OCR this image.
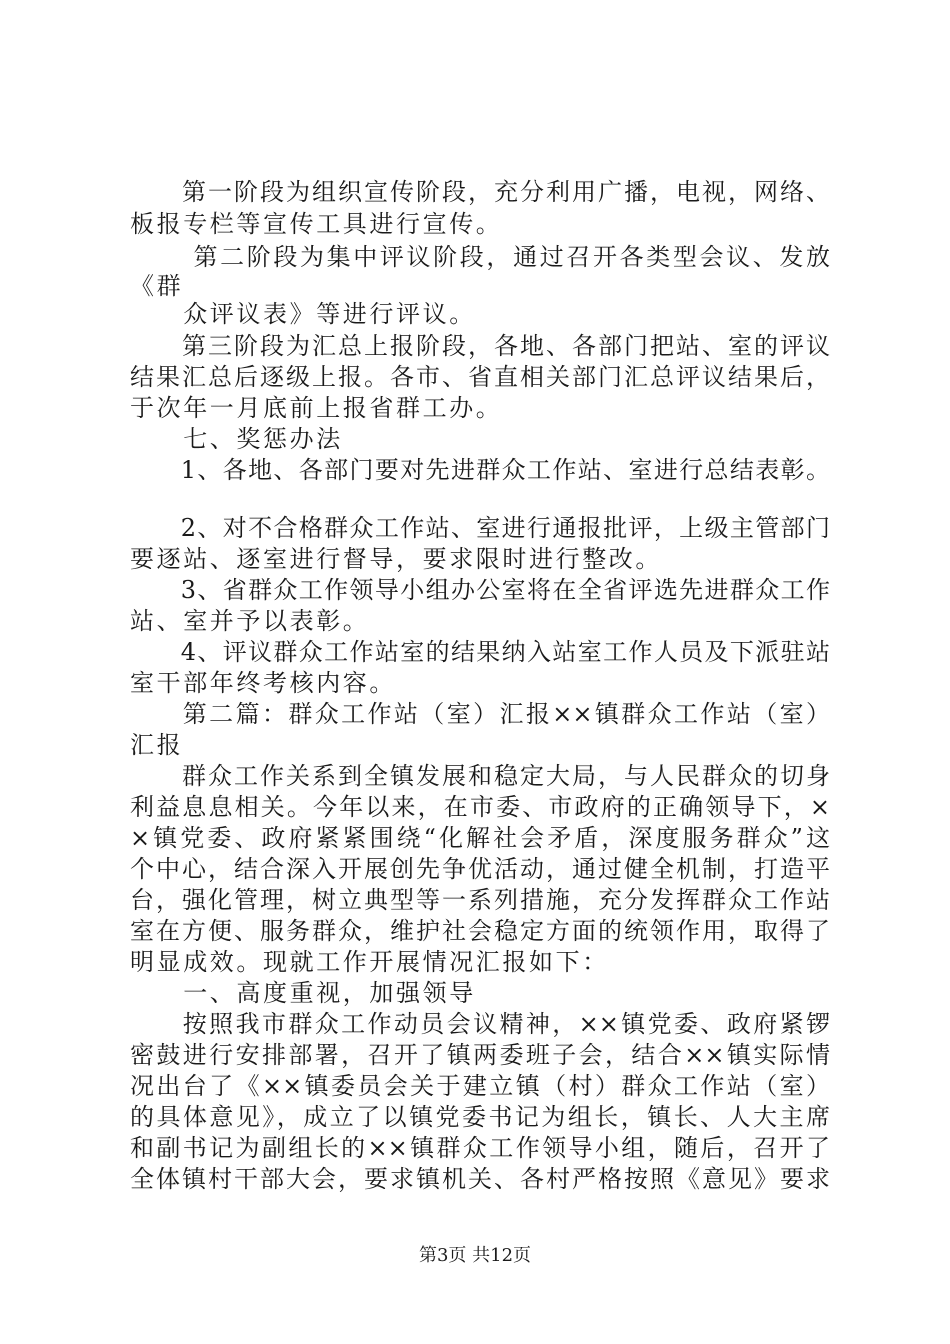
　　第一阶段为组织宣传阶段，充分利用广播，电视，网络、
板报专栏等宣传工具进行宣传。
　　 第二阶段为集中评议阶段，通过召开各类型会议、发放
《群
　　众评议表》等进行评议。
　　第三阶段为汇总上报阶段，各地、各部门把站、室的评议
结果汇总后逐级上报。各市、省直相关部门汇总评议结果后，
于次年一月底前上报省群工办。
　　七、奖惩办法
　　1、各地、各部门要对先进群众工作站、室进行总结表彰。
　　2、对不合格群众工作站、室进行通报批评，上级主管部门
要逐站、逐室进行督导，要求限时进行整改。
　　3、省群众工作领导小组办公室将在全省评选先进群众工作
站、室并予以表彰。
　　4、评议群众工作站室的结果纳入站室工作人员及下派驻站
室干部年终考核内容。
　　第二篇：群众工作站（室）汇报××镇群众工作站（室）
汇报
　　群众工作关系到全镇发展和稳定大局，与人民群众的切身
利益息息相关。今年以来，在市委、市政府的正确领导下，×
×镇党委、政府紧紧围绕“化解社会矛盾，深度服务群众”这
个中心，结合深入开展创先争优活动，通过健全机制，打造平
台，强化管理，树立典型等一系列措施，充分发挥群众工作站
室在方便、服务群众，维护社会稳定方面的统领作用，取得了
明显成效。现就工作开展情况汇报如下：
　　一、高度重视，加强领导
　　按照我市群众工作动员会议精神，××镇党委、政府紧锣
密鼓进行安排部署，召开了镇两委班子会，结合××镇实际情
况出台了《××镇委员会关于建立镇（村）群众工作站（室）
的具体意见》，成立了以镇党委书记为组长，镇长、人大主席
和副书记为副组长的××镇群众工作领导小组，随后，召开了
全体镇村干部大会，要求镇机关、各村严格按照《意见》要求
第3页 共12页
